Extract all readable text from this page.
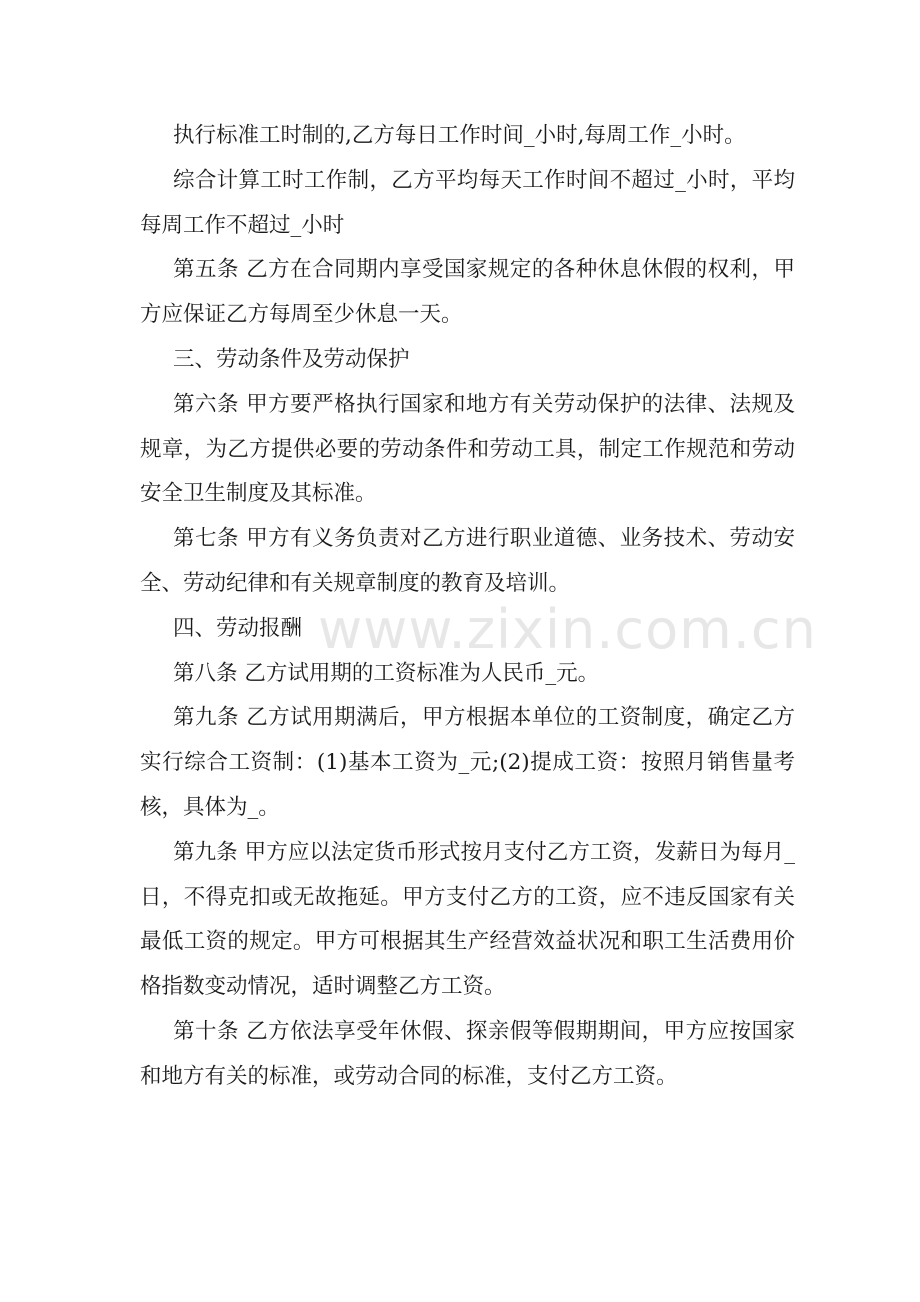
执行标准工时制的,乙方每日工作时间_小时,每周工作_小时。

综合计算工时工作制，乙方平均每天工作时间不超过_小时，平均每周工作不超过_小时

第五条 乙方在合同期内享受国家规定的各种休息休假的权利，甲方应保证乙方每周至少休息一天。

三、劳动条件及劳动保护

第六条 甲方要严格执行国家和地方有关劳动保护的法律、法规及规章，为乙方提供必要的劳动条件和劳动工具，制定工作规范和劳动安全卫生制度及其标准。

第七条 甲方有义务负责对乙方进行职业道德、业务技术、劳动安全、劳动纪律和有关规章制度的教育及培训。

四、劳动报酬

第八条 乙方试用期的工资标准为人民币_元。

第九条 乙方试用期满后，甲方根据本单位的工资制度，确定乙方实行综合工资制：(1)基本工资为_元;(2)提成工资：按照月销售量考核，具体为_。

第九条 甲方应以法定货币形式按月支付乙方工资，发薪日为每月_日，不得克扣或无故拖延。甲方支付乙方的工资，应不违反国家有关最低工资的规定。甲方可根据其生产经营效益状况和职工生活费用价格指数变动情况，适时调整乙方工资。

第十条 乙方依法享受年休假、探亲假等假期期间，甲方应按国家和地方有关的标准，或劳动合同的标准，支付乙方工资。

www.zixin.com.cn
